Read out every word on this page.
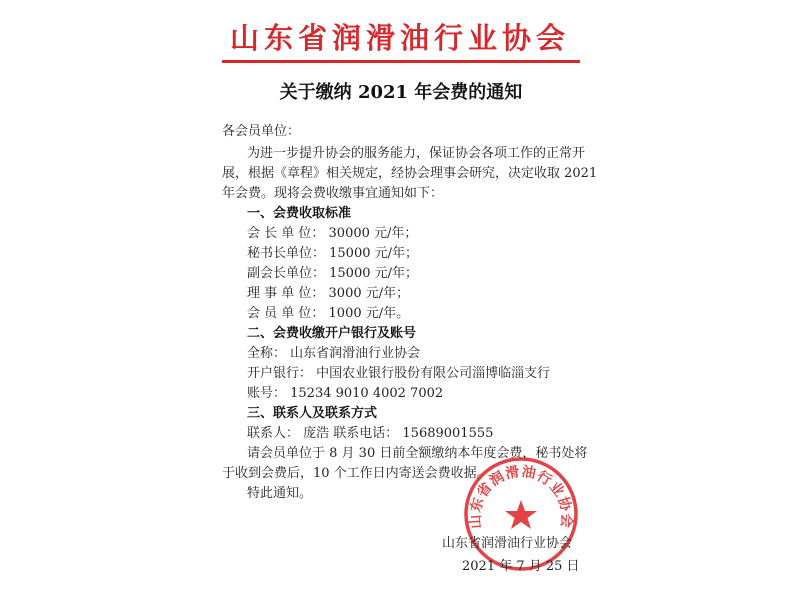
山东省润滑油行业协会
关于缴纳 2021 年会费的通知
各会员单位：
为进一步提升协会的服务能力，保证协会各项工作的正常开
展，根据《章程》相关规定，经协会理事会研究，决定收取 2021
年会费。现将会费收缴事宜通知如下：
一、会费收取标准
会 长 单 位： 30000 元/年；
秘书长单位： 15000 元/年；
副会长单位： 15000 元/年；
理 事 单 位： 3000 元/年；
会 员 单 位： 1000 元/年。
二、会费收缴开户银行及账号
全称： 山东省润滑油行业协会
开户银行： 中国农业银行股份有限公司淄博临淄支行
账号： 15234 9010 4002 7002
三、联系人及联系方式
联系人： 庞浩 联系电话： 15689001555
请会员单位于 8 月 30 日前全额缴纳本年度会费，秘书处将
于收到会费后，10 个工作日内寄送会费收据。
特此通知。
山东省润滑油行业协会
山东省润滑油行业协会
2021 年 7 月 25 日
